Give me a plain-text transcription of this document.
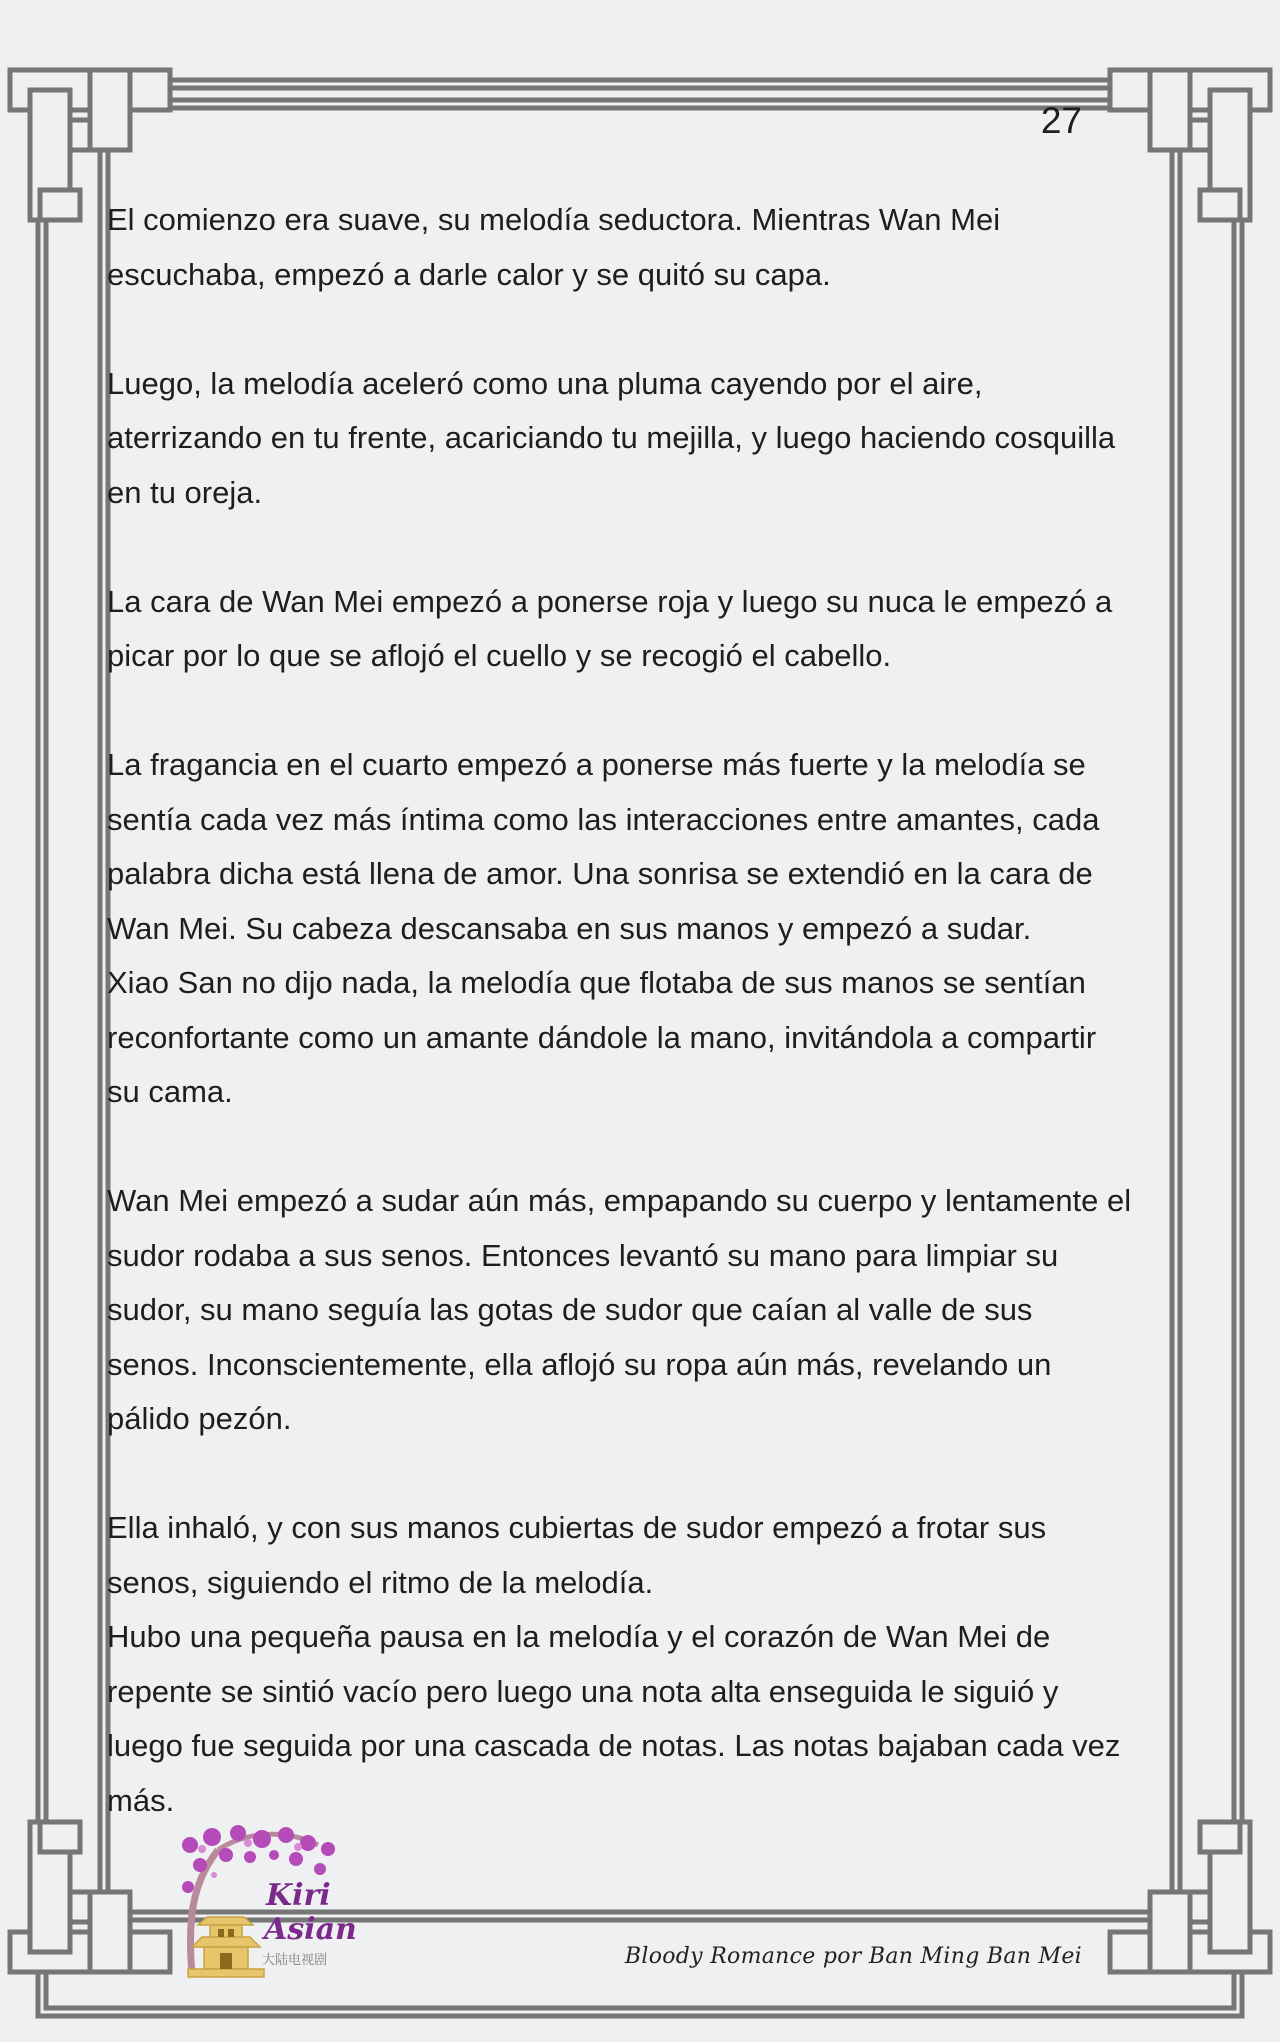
27

El comienzo era suave, su melodía seductora. Mientras Wan Mei
escuchaba, empezó a darle calor y se quitó su capa.

Luego, la melodía aceleró como una pluma cayendo por el aire,
aterrizando en tu frente, acariciando tu mejilla, y luego haciendo cosquilla
en tu oreja.

La cara de Wan Mei empezó a ponerse roja y luego su nuca le empezó a
picar por lo que se aflojó el cuello y se recogió el cabello.

La fragancia en el cuarto empezó a ponerse más fuerte y la melodía se
sentía cada vez más íntima como las interacciones entre amantes, cada
palabra dicha está llena de amor. Una sonrisa se extendió en la cara de
Wan Mei. Su cabeza descansaba en sus manos y empezó a sudar.
Xiao San no dijo nada, la melodía que flotaba de sus manos se sentían
reconfortante como un amante dándole la mano, invitándola a compartir
su cama.

Wan Mei empezó a sudar aún más, empapando su cuerpo y lentamente el
sudor rodaba a sus senos. Entonces levantó su mano para limpiar su
sudor, su mano seguía las gotas de sudor que caían al valle de sus
senos. Inconscientemente, ella aflojó su ropa aún más, revelando un
pálido pezón.

Ella inhaló, y con sus manos cubiertas de sudor empezó a frotar sus
senos, siguiendo el ritmo de la melodía.
Hubo una pequeña pausa en la melodía y el corazón de Wan Mei de
repente se sintió vacío pero luego una nota alta enseguida le siguió y
luego fue seguida por una cascada de notas. Las notas bajaban cada vez
más.

Kiri
Asian
大陆电视剧	Bloody Romance por Ban Ming Ban Mei
